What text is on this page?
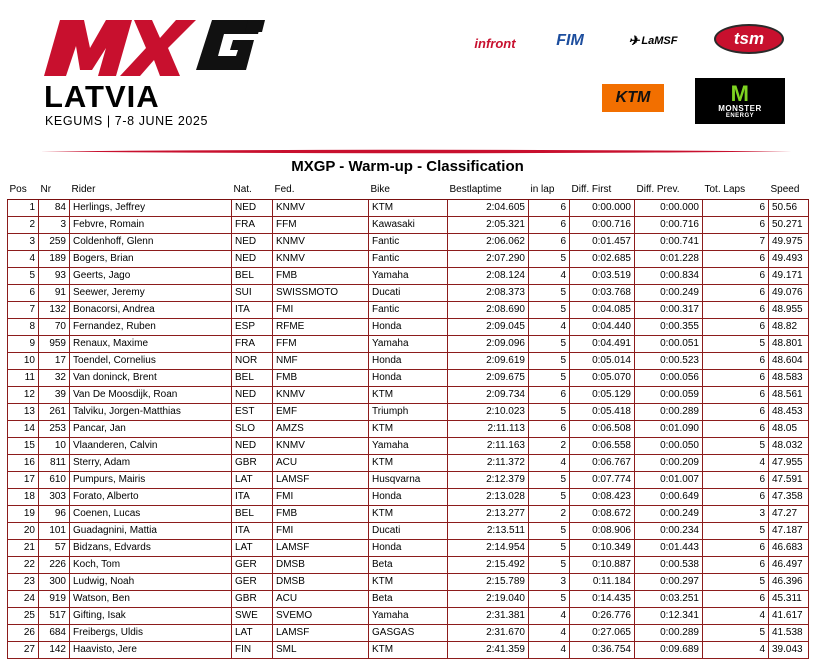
LATVIA
KEGUMS | 7-8 JUNE 2025
infront	FIM	✈ LaMSF	tsm
KTM	M
MONSTER
ENERGY
MXGP - Warm-up - Classification
Pos	Nr	Rider	Nat.	Fed.	Bike	Bestlaptime	in lap	Diff. First	Diff. Prev.	Tot. Laps	Speed
1	84	Herlings, Jeffrey	NED	KNMV	KTM	2:04.605	6	0:00.000	0:00.000	6	50.56
2	3	Febvre, Romain	FRA	FFM	Kawasaki	2:05.321	6	0:00.716	0:00.716	6	50.271
3	259	Coldenhoff, Glenn	NED	KNMV	Fantic	2:06.062	6	0:01.457	0:00.741	7	49.975
4	189	Bogers, Brian	NED	KNMV	Fantic	2:07.290	5	0:02.685	0:01.228	6	49.493
5	93	Geerts, Jago	BEL	FMB	Yamaha	2:08.124	4	0:03.519	0:00.834	6	49.171
6	91	Seewer, Jeremy	SUI	SWISSMOTO	Ducati	2:08.373	5	0:03.768	0:00.249	6	49.076
7	132	Bonacorsi, Andrea	ITA	FMI	Fantic	2:08.690	5	0:04.085	0:00.317	6	48.955
8	70	Fernandez, Ruben	ESP	RFME	Honda	2:09.045	4	0:04.440	0:00.355	6	48.82
9	959	Renaux, Maxime	FRA	FFM	Yamaha	2:09.096	5	0:04.491	0:00.051	5	48.801
10	17	Toendel, Cornelius	NOR	NMF	Honda	2:09.619	5	0:05.014	0:00.523	6	48.604
11	32	Van doninck, Brent	BEL	FMB	Honda	2:09.675	5	0:05.070	0:00.056	6	48.583
12	39	Van De Moosdijk, Roan	NED	KNMV	KTM	2:09.734	6	0:05.129	0:00.059	6	48.561
13	261	Talviku, Jorgen-Matthias	EST	EMF	Triumph	2:10.023	5	0:05.418	0:00.289	6	48.453
14	253	Pancar, Jan	SLO	AMZS	KTM	2:11.113	6	0:06.508	0:01.090	6	48.05
15	10	Vlaanderen, Calvin	NED	KNMV	Yamaha	2:11.163	2	0:06.558	0:00.050	5	48.032
16	811	Sterry, Adam	GBR	ACU	KTM	2:11.372	4	0:06.767	0:00.209	4	47.955
17	610	Pumpurs, Mairis	LAT	LAMSF	Husqvarna	2:12.379	5	0:07.774	0:01.007	6	47.591
18	303	Forato, Alberto	ITA	FMI	Honda	2:13.028	5	0:08.423	0:00.649	6	47.358
19	96	Coenen, Lucas	BEL	FMB	KTM	2:13.277	2	0:08.672	0:00.249	3	47.27
20	101	Guadagnini, Mattia	ITA	FMI	Ducati	2:13.511	5	0:08.906	0:00.234	5	47.187
21	57	Bidzans, Edvards	LAT	LAMSF	Honda	2:14.954	5	0:10.349	0:01.443	6	46.683
22	226	Koch, Tom	GER	DMSB	Beta	2:15.492	5	0:10.887	0:00.538	6	46.497
23	300	Ludwig, Noah	GER	DMSB	KTM	2:15.789	3	0:11.184	0:00.297	5	46.396
24	919	Watson, Ben	GBR	ACU	Beta	2:19.040	5	0:14.435	0:03.251	6	45.311
25	517	Gifting, Isak	SWE	SVEMO	Yamaha	2:31.381	4	0:26.776	0:12.341	4	41.617
26	684	Freibergs, Uldis	LAT	LAMSF	GASGAS	2:31.670	4	0:27.065	0:00.289	5	41.538
27	142	Haavisto, Jere	FIN	SML	KTM	2:41.359	4	0:36.754	0:09.689	4	39.043
